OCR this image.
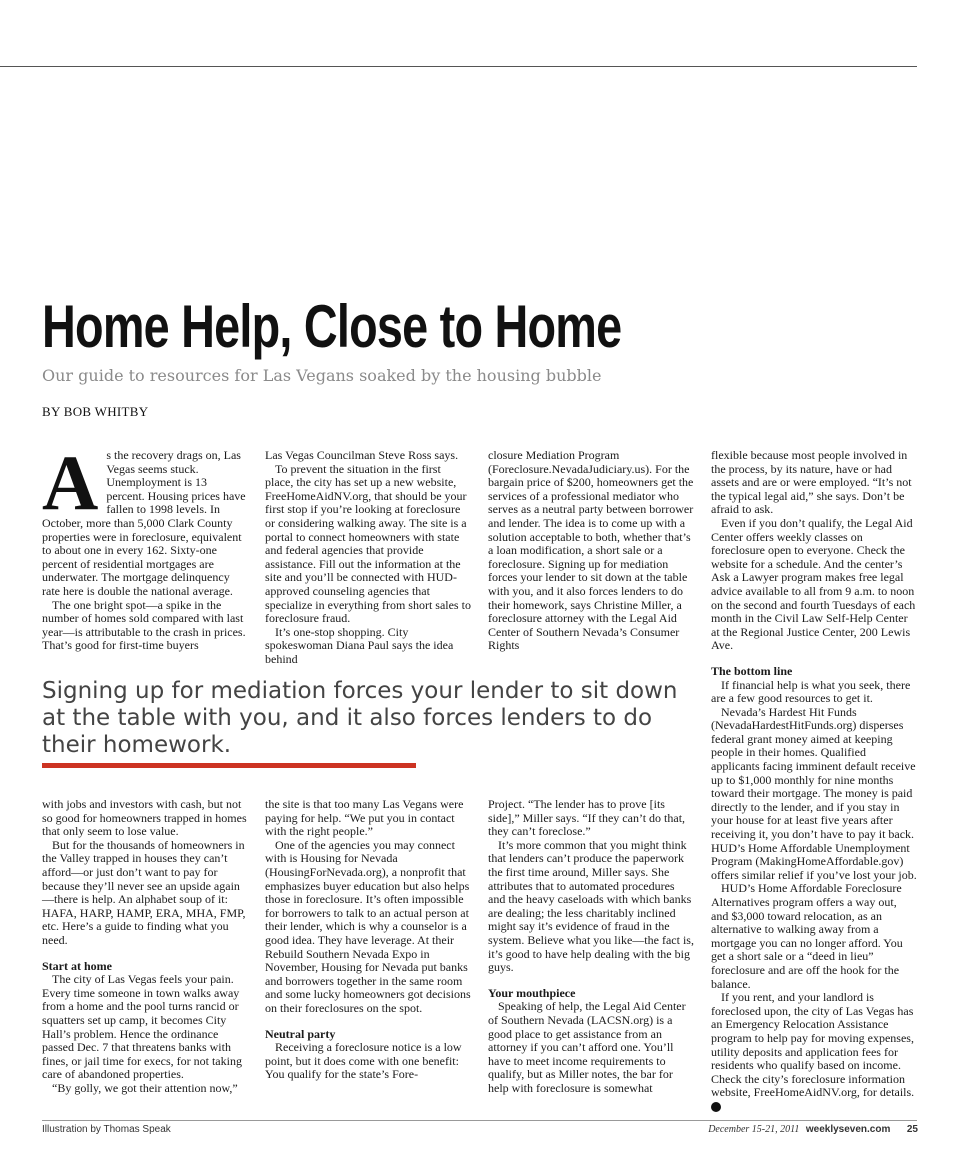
Home Help, Close to Home

Our guide to resources for Las Vegans soaked by the housing bubble

BY BOB WHITBY

A s the recovery drags on, Las Vegas seems stuck. Unemployment is 13 percent. Housing prices have fallen to 1998 levels. In October, more than 5,000 Clark County properties were in foreclosure, equivalent to about one in every 162. Sixty-one percent of residential mortgages are underwater. The mortgage delinquency rate here is double the national average.

The one bright spot—a spike in the number of homes sold compared with last year—is attributable to the crash in prices. That’s good for first-time buyers

Las Vegas Councilman Steve Ross says.

To prevent the situation in the first place, the city has set up a new website, FreeHomeAidNV.org, that should be your first stop if you’re looking at foreclosure or considering walking away. The site is a portal to connect homeowners with state and federal agencies that provide assistance. Fill out the information at the site and you’ll be connected with HUD-approved counseling agencies that specialize in everything from short sales to foreclosure fraud.

It’s one-stop shopping. City spokeswoman Diana Paul says the idea behind

closure Mediation Program (Foreclosure.NevadaJudiciary.us). For the bargain price of $200, homeowners get the services of a professional mediator who serves as a neutral party between borrower and lender. The idea is to come up with a solution acceptable to both, whether that’s a loan modification, a short sale or a foreclosure. Signing up for mediation forces your lender to sit down at the table with you, and it also forces lenders to do their homework, says Christine Miller, a foreclosure attorney with the Legal Aid Center of Southern Nevada’s Consumer Rights

flexible because most people involved in the process, by its nature, have or had assets and are or were employed. “It’s not the typical legal aid,” she says. Don’t be afraid to ask.

Even if you don’t qualify, the Legal Aid Center offers weekly classes on foreclosure open to everyone. Check the website for a schedule. And the center’s Ask a Lawyer program makes free legal advice available to all from 9 a.m. to noon on the second and fourth Tuesdays of each month in the Civil Law Self-Help Center at the Regional Justice Center, 200 Lewis Ave.

The bottom line

If financial help is what you seek, there are a few good resources to get it.

Nevada’s Hardest Hit Funds (NevadaHardestHitFunds.org) disperses federal grant money aimed at keeping people in their homes. Qualified applicants facing imminent default receive up to $1,000 monthly for nine months toward their mortgage. The money is paid directly to the lender, and if you stay in your house for at least five years after receiving it, you don’t have to pay it back. HUD’s Home Affordable Unemployment Program (MakingHomeAffordable.gov) offers similar relief if you’ve lost your job.

HUD’s Home Affordable Foreclosure Alternatives program offers a way out, and $3,000 toward relocation, as an alternative to walking away from a mortgage you can no longer afford. You get a short sale or a “deed in lieu” foreclosure and are off the hook for the balance.

If you rent, and your landlord is foreclosed upon, the city of Las Vegas has an Emergency Relocation Assistance program to help pay for moving expenses, utility deposits and application fees for residents who qualify based on income. Check the city’s foreclosure information website, FreeHomeAidNV.org, for details. 7

Signing up for mediation forces your lender to sit down at the table with you, and it also forces lenders to do their homework.

with jobs and investors with cash, but not so good for homeowners trapped in homes that only seem to lose value.

But for the thousands of homeowners in the Valley trapped in houses they can’t afford—or just don’t want to pay for because they’ll never see an upside again—there is help. An alphabet soup of it: HAFA, HARP, HAMP, ERA, MHA, FMP, etc. Here’s a guide to finding what you need.

Start at home

The city of Las Vegas feels your pain. Every time someone in town walks away from a home and the pool turns rancid or squatters set up camp, it becomes City Hall’s problem. Hence the ordinance passed Dec. 7 that threatens banks with fines, or jail time for execs, for not taking care of abandoned properties.

“By golly, we got their attention now,”

the site is that too many Las Vegans were paying for help. “We put you in contact with the right people.”

One of the agencies you may connect with is Housing for Nevada (HousingForNevada.org), a nonprofit that emphasizes buyer education but also helps those in foreclosure. It’s often impossible for borrowers to talk to an actual person at their lender, which is why a counselor is a good idea. They have leverage. At their Rebuild Southern Nevada Expo in November, Housing for Nevada put banks and borrowers together in the same room and some lucky homeowners got decisions on their foreclosures on the spot.

Neutral party

Receiving a foreclosure notice is a low point, but it does come with one benefit: You qualify for the state’s Fore-

Project. “The lender has to prove [its side],” Miller says. “If they can’t do that, they can’t foreclose.”

It’s more common that you might think that lenders can’t produce the paperwork the first time around, Miller says. She attributes that to automated procedures and the heavy caseloads with which banks are dealing; the less charitably inclined might say it’s evidence of fraud in the system. Believe what you like—the fact is, it’s good to have help dealing with the big guys.

Your mouthpiece

Speaking of help, the Legal Aid Center of Southern Nevada (LACSN.org) is a good place to get assistance from an attorney if you can’t afford one. You’ll have to meet income requirements to qualify, but as Miller notes, the bar for help with foreclosure is somewhat

Illustration by Thomas Speak	December 15-21, 2011 weeklyseven.com 25
